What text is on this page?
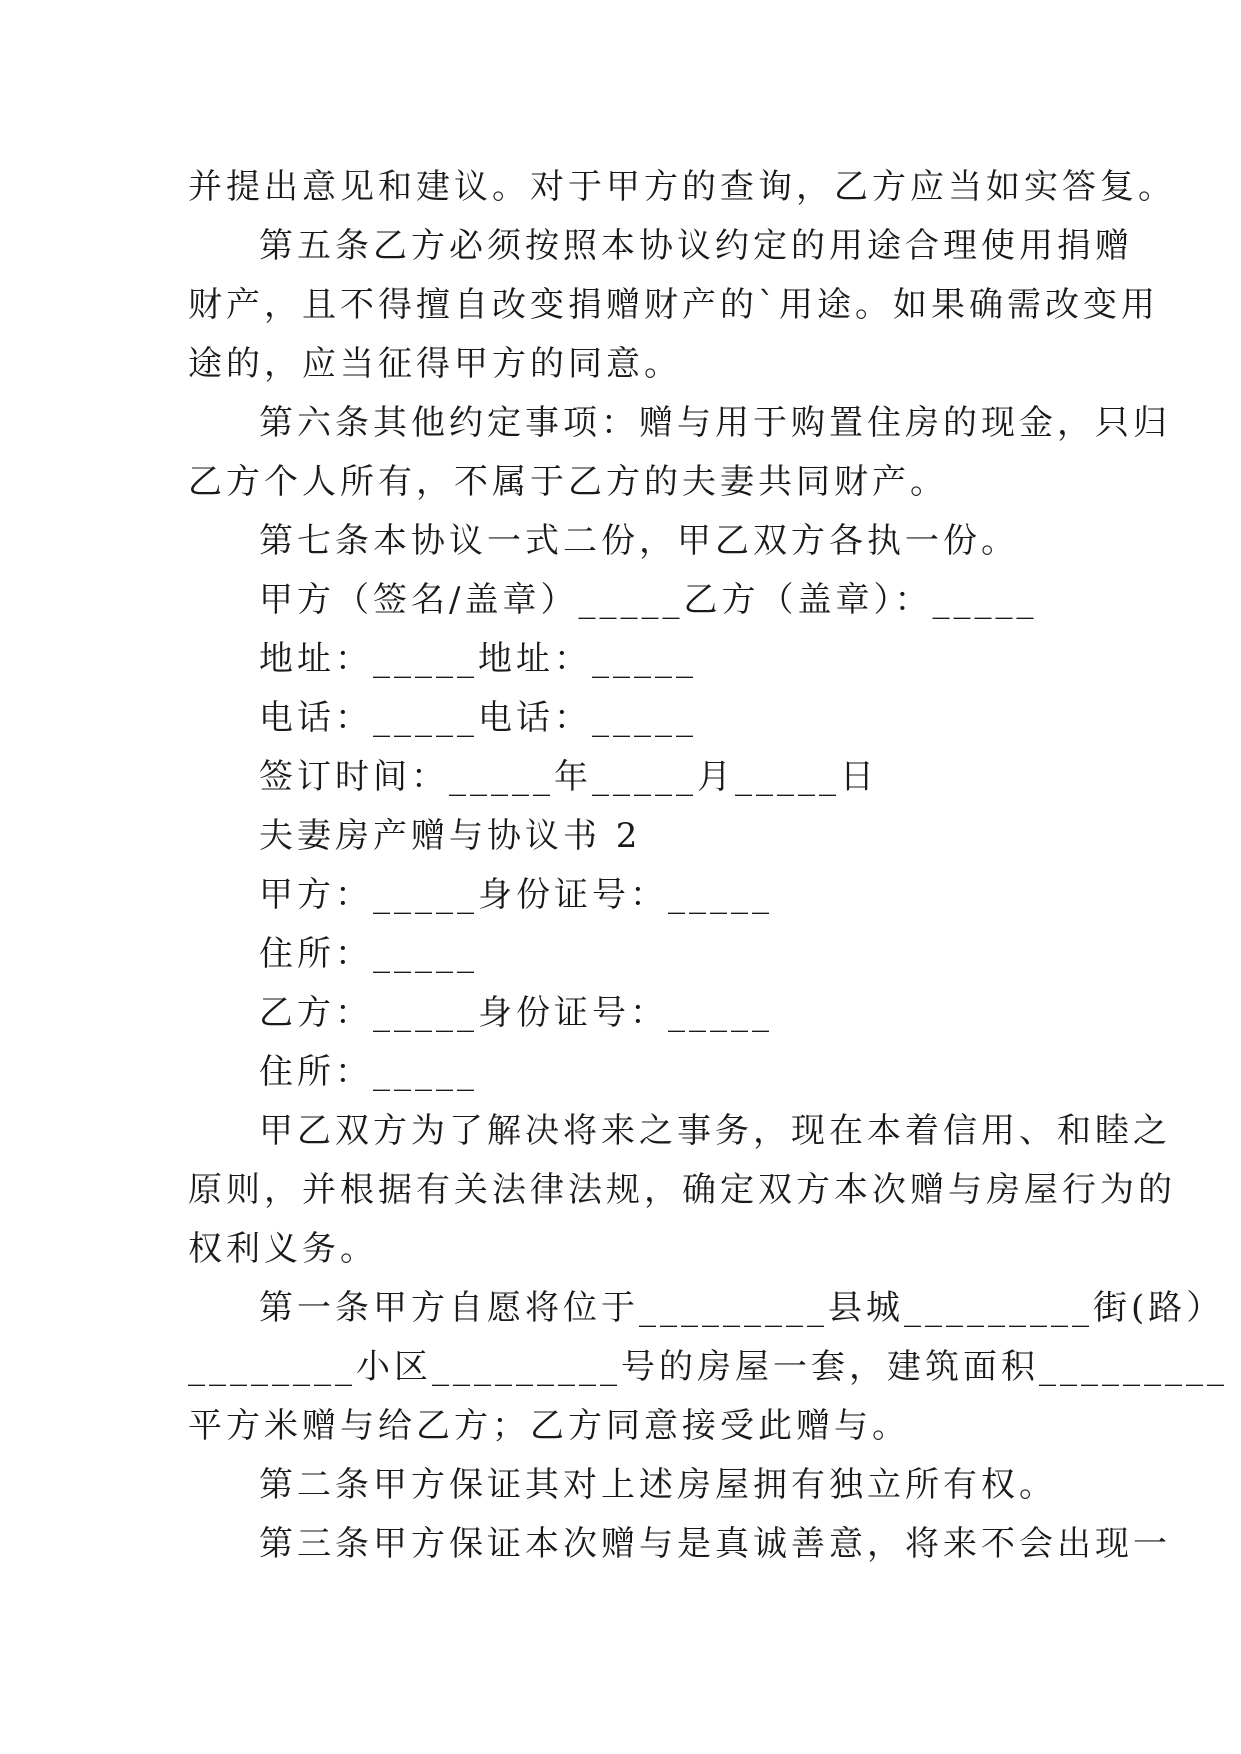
并提出意见和建议。对于甲方的查询，乙方应当如实答复。
第五条乙方必须按照本协议约定的用途合理使用捐赠
财产，且不得擅自改变捐赠财产的`用途。如果确需改变用
途的，应当征得甲方的同意。
第六条其他约定事项：赠与用于购置住房的现金，只归
乙方个人所有，不属于乙方的夫妻共同财产。
第七条本协议一式二份，甲乙双方各执一份。
甲方（签名/盖章）_____乙方（盖章）：_____
地址：_____地址：_____
电话：_____电话：_____
签订时间：_____年_____月_____日
夫妻房产赠与协议书 2
甲方：_____身份证号：_____
住所：_____
乙方：_____身份证号：_____
住所：_____
甲乙双方为了解决将来之事务，现在本着信用、和睦之
原则，并根据有关法律法规，确定双方本次赠与房屋行为的
权利义务。
第一条甲方自愿将位于_________县城_________街(路）
________小区_________号的房屋一套，建筑面积_________
平方米赠与给乙方；乙方同意接受此赠与。
第二条甲方保证其对上述房屋拥有独立所有权。
第三条甲方保证本次赠与是真诚善意，将来不会出现一
